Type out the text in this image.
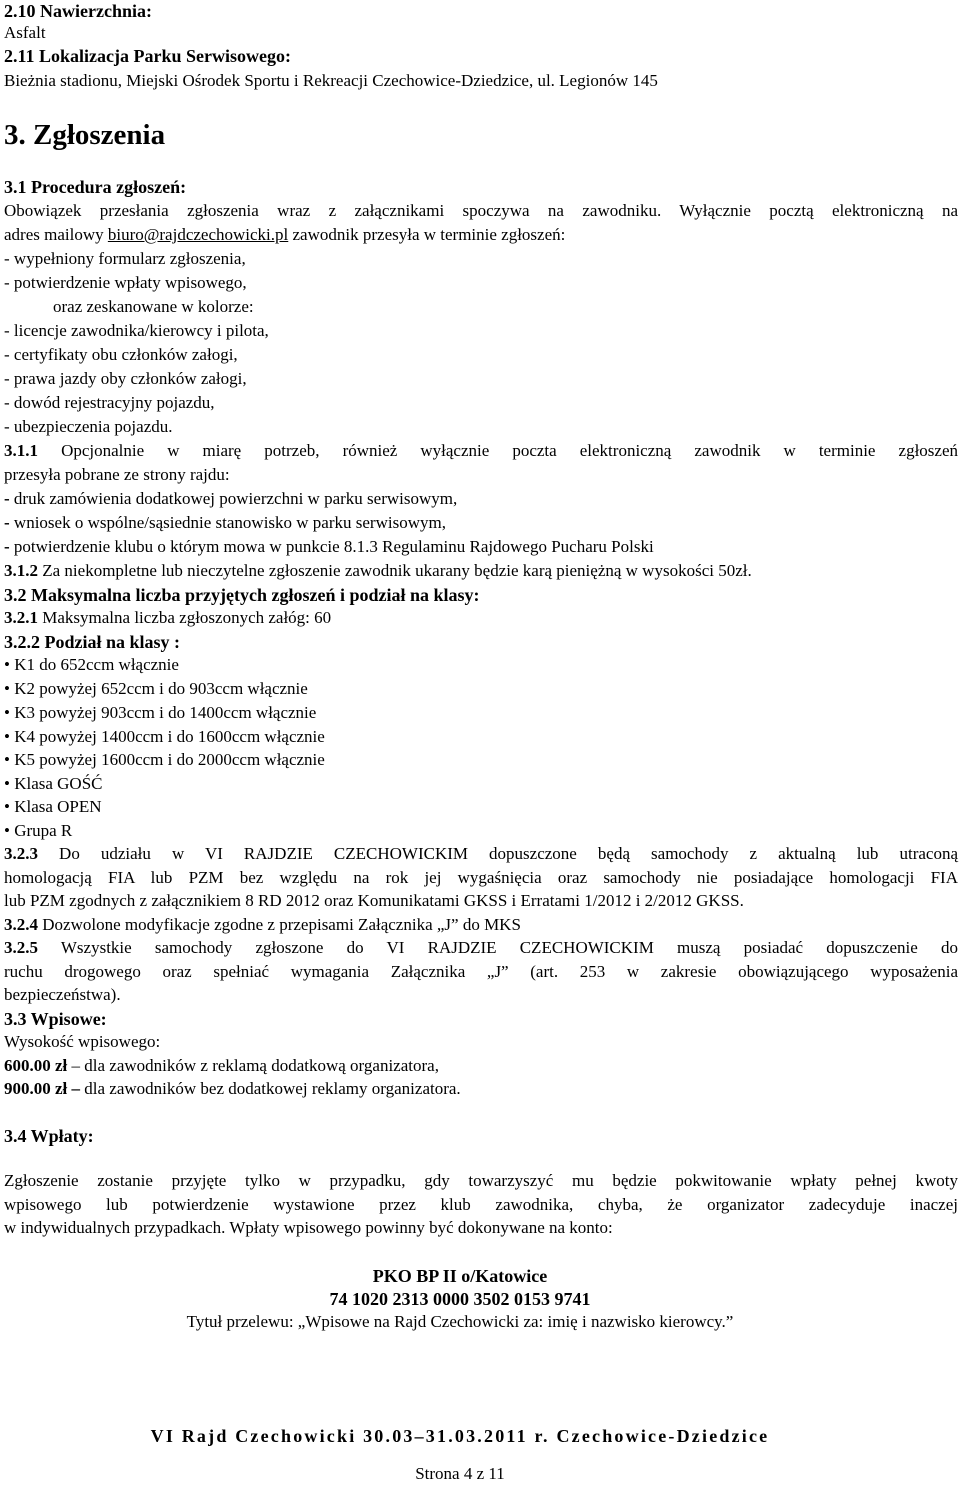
2.10 Nawierzchnia:
Asfalt
2.11 Lokalizacja Parku Serwisowego:
Bieżnia stadionu, Miejski Ośrodek Sportu i Rekreacji Czechowice-Dziedzice, ul. Legionów 145
3. Zgłoszenia
3.1 Procedura zgłoszeń:
Obowiązek przesłania zgłoszenia wraz z załącznikami spoczywa na zawodniku. Wyłącznie pocztą elektroniczną na
adres mailowy biuro@rajdczechowicki.pl zawodnik przesyła w terminie zgłoszeń:
- wypełniony formularz zgłoszenia,
- potwierdzenie wpłaty wpisowego,
oraz zeskanowane w kolorze:
- licencje zawodnika/kierowcy i pilota,
- certyfikaty obu członków załogi,
- prawa jazdy oby członków załogi,
- dowód rejestracyjny pojazdu,
- ubezpieczenia pojazdu.
3.1.1 Opcjonalnie w miarę potrzeb, również wyłącznie poczta elektroniczną zawodnik w terminie zgłoszeń
przesyła pobrane ze strony rajdu:
- druk zamówienia dodatkowej powierzchni w parku serwisowym,
- wniosek o wspólne/sąsiednie stanowisko w parku serwisowym,
- potwierdzenie klubu o którym mowa w punkcie 8.1.3 Regulaminu Rajdowego Pucharu Polski
3.1.2 Za niekompletne lub nieczytelne zgłoszenie zawodnik ukarany będzie karą pieniężną w wysokości 50zł.
3.2 Maksymalna liczba przyjętych zgłoszeń i podział na klasy:
3.2.1 Maksymalna liczba zgłoszonych załóg: 60
3.2.2 Podział na klasy :
• K1 do 652ccm włącznie
• K2 powyżej 652ccm i do 903ccm włącznie
• K3 powyżej 903ccm i do 1400ccm włącznie
• K4 powyżej 1400ccm i do 1600ccm włącznie
• K5 powyżej 1600ccm i do 2000ccm włącznie
• Klasa GOŚĆ
• Klasa OPEN
• Grupa R
3.2.3 Do udziału w VI RAJDZIE CZECHOWICKIM dopuszczone będą samochody z aktualną lub utraconą
homologacją FIA lub PZM bez względu na rok jej wygaśnięcia oraz samochody nie posiadające homologacji FIA
lub PZM zgodnych z załącznikiem 8 RD 2012 oraz Komunikatami GKSS i Erratami 1/2012 i 2/2012 GKSS.
3.2.4 Dozwolone modyfikacje zgodne z przepisami Załącznika „J” do MKS
3.2.5 Wszystkie samochody zgłoszone do VI RAJDZIE CZECHOWICKIM muszą posiadać dopuszczenie do
ruchu drogowego oraz spełniać wymagania Załącznika „J” (art. 253 w zakresie obowiązującego wyposażenia
bezpieczeństwa).
3.3 Wpisowe:
Wysokość wpisowego:
600.00 zł – dla zawodników z reklamą dodatkową organizatora,
900.00 zł – dla zawodników bez dodatkowej reklamy organizatora.
3.4 Wpłaty:
Zgłoszenie zostanie przyjęte tylko w przypadku, gdy towarzyszyć mu będzie pokwitowanie wpłaty pełnej kwoty
wpisowego lub potwierdzenie wystawione przez klub zawodnika, chyba, że organizator zadecyduje inaczej
w indywidualnych przypadkach. Wpłaty wpisowego powinny być dokonywane na konto:
PKO BP II o/Katowice
74 1020 2313 0000 3502 0153 9741
Tytuł przelewu: „Wpisowe na Rajd Czechowicki za: imię i nazwisko kierowcy.”
VI Rajd Czechowicki 30.03–31.03.2011 r. Czechowice-Dziedzice
Strona 4 z 11
